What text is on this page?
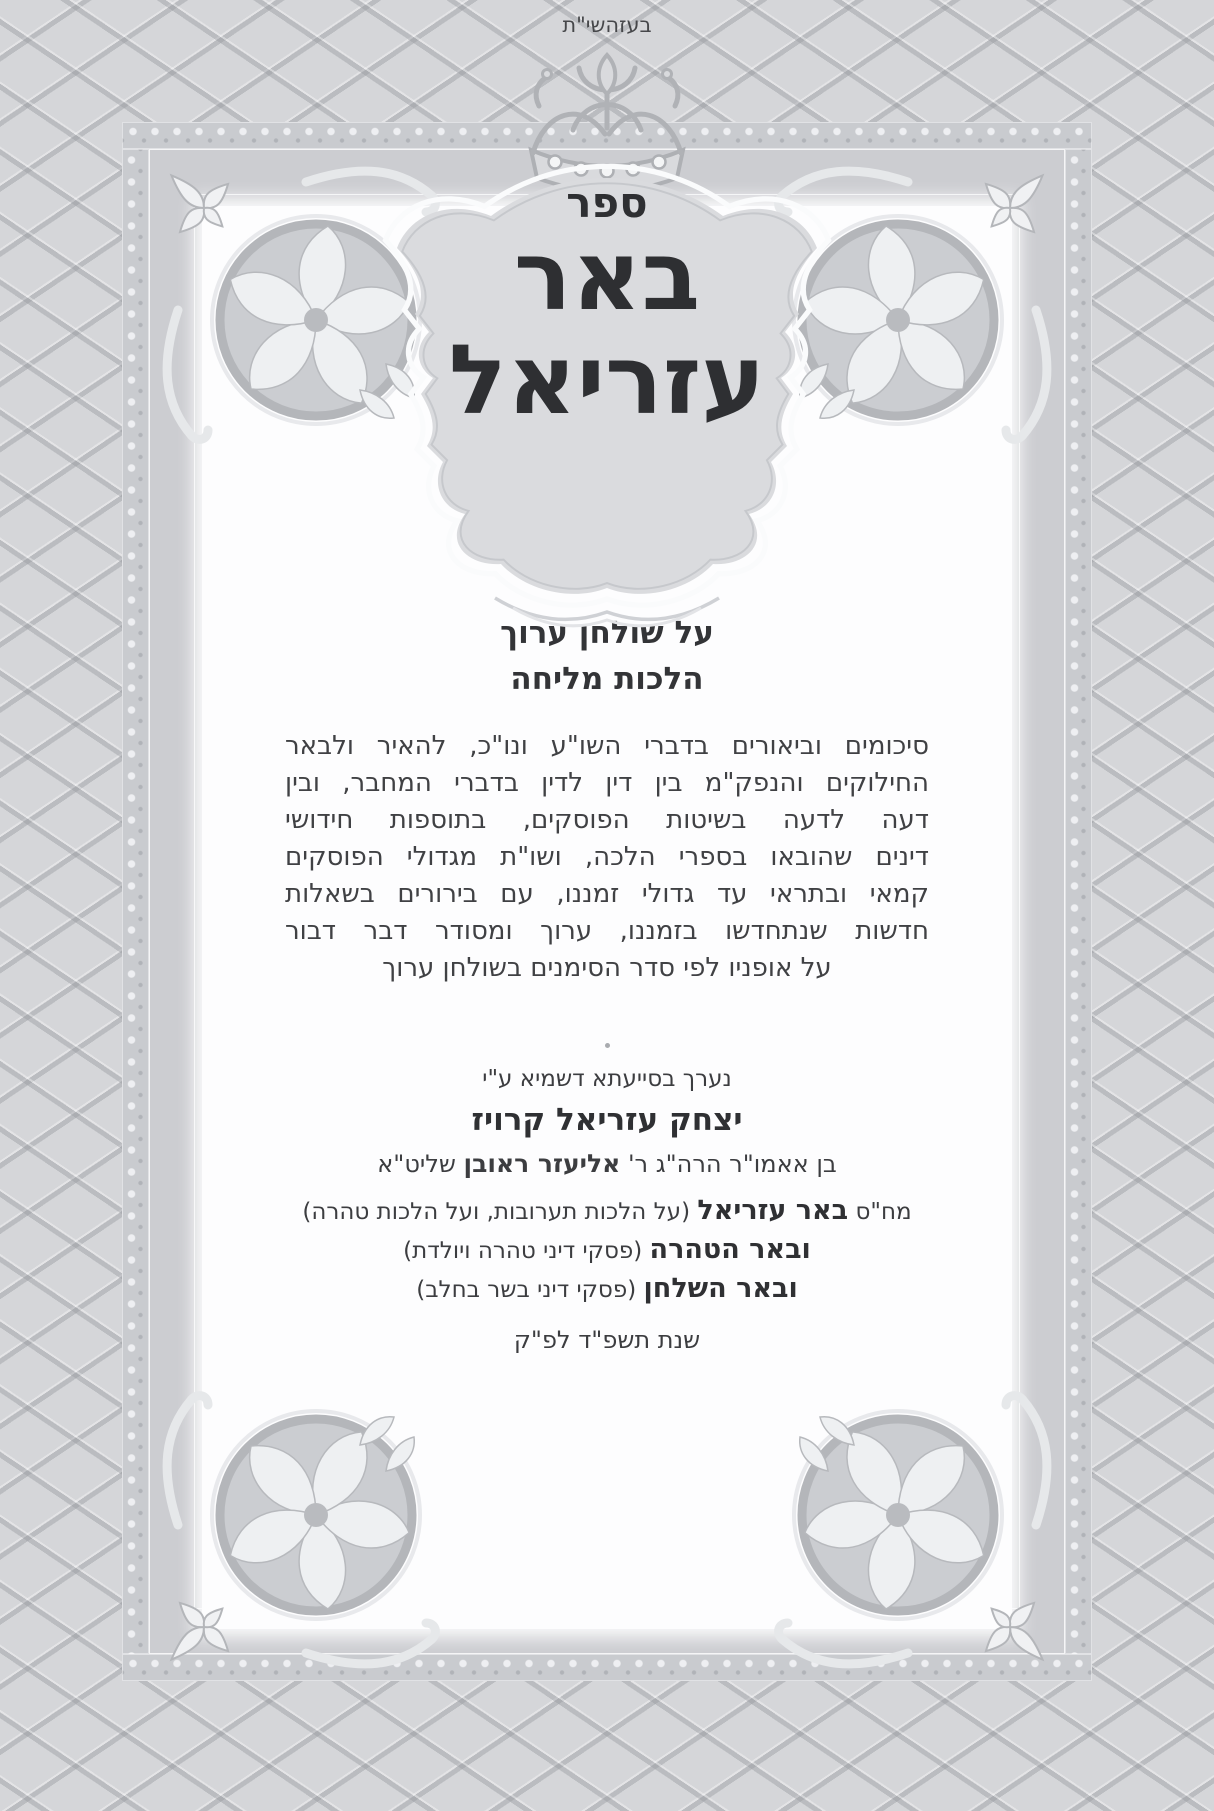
בעזהשי"ת
ספר
באר
עזריאל
על שולחן ערוך
הלכות מליחה
סיכומים וביאורים בדברי השו"ע ונו"כ, להאיר ולבאר
החילוקים והנפק"מ בין דין לדין בדברי המחבר, ובין
דעה לדעה בשיטות הפוסקים, בתוספות חידושי
דינים שהובאו בספרי הלכה, ושו"ת מגדולי הפוסקים
קמאי ובתראי עד גדולי זמננו, עם בירורים בשאלות
חדשות שנתחדשו בזמננו, ערוך ומסודר דבר דבור
על אופניו לפי סדר הסימנים בשולחן ערוך
נערך בסייעתא דשמיא ע"י
יצחק עזריאל קרויז
בן אאמו"ר הרה"ג ר' אליעזר ראובן שליט"א
מח"ס באר עזריאל (על הלכות תערובות, ועל הלכות טהרה)
ובאר הטהרה (פסקי דיני טהרה ויולדת)
ובאר השלחן (פסקי דיני בשר בחלב)
שנת תשפ"ד לפ"ק
